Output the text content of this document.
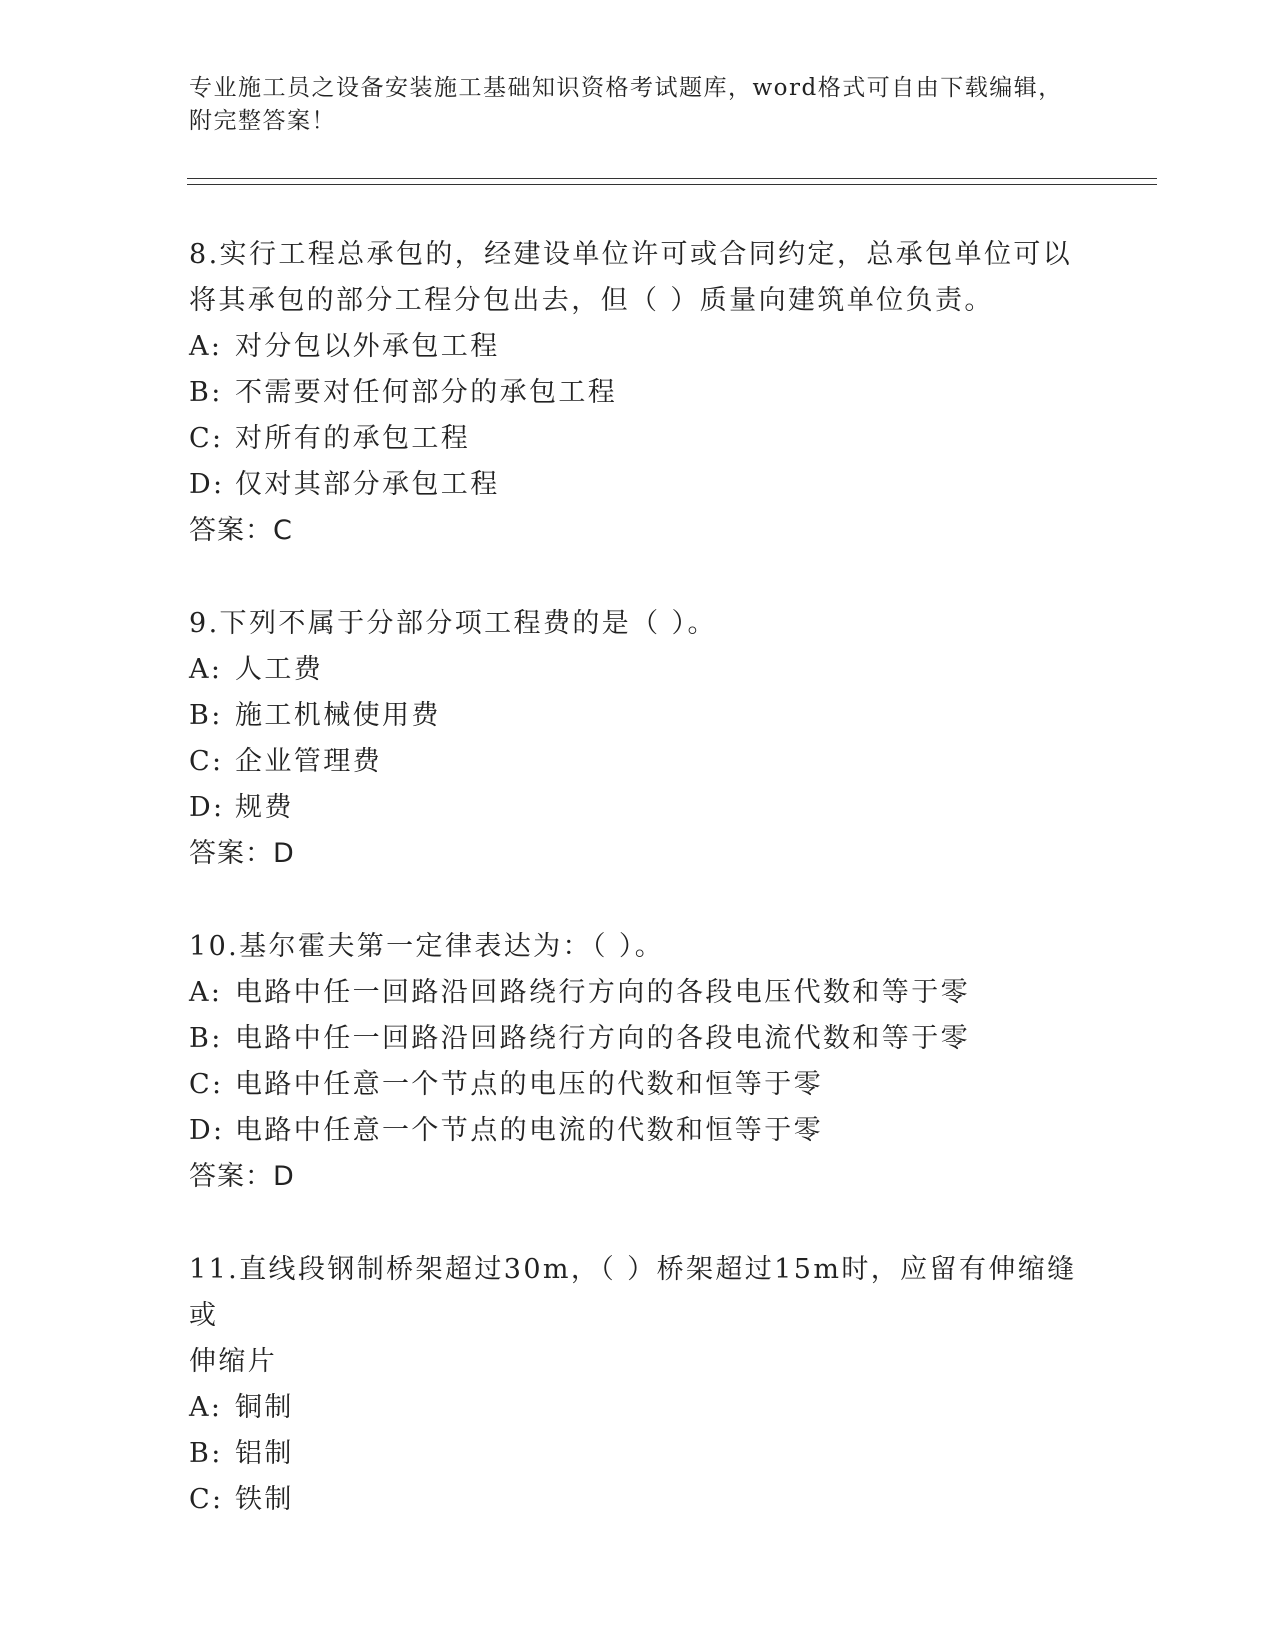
专业施工员之设备安装施工基础知识资格考试题库，word格式可自由下载编辑，
附完整答案！
8.实行工程总承包的，经建设单位许可或合同约定，总承包单位可以
将其承包的部分工程分包出去，但（ ）质量向建筑单位负责。
A: 对分包以外承包工程
B: 不需要对任何部分的承包工程
C: 对所有的承包工程
D: 仅对其部分承包工程
答案：C
9.下列不属于分部分项工程费的是（ ）。
A: 人工费
B: 施工机械使用费
C: 企业管理费
D: 规费
答案：D
10.基尔霍夫第一定律表达为：（ ）。
A: 电路中任一回路沿回路绕行方向的各段电压代数和等于零
B: 电路中任一回路沿回路绕行方向的各段电流代数和等于零
C: 电路中任意一个节点的电压的代数和恒等于零
D: 电路中任意一个节点的电流的代数和恒等于零
答案：D
11.直线段钢制桥架超过30m，（ ）桥架超过15m时，应留有伸缩缝或
伸缩片
A: 铜制
B: 铝制
C: 铁制
